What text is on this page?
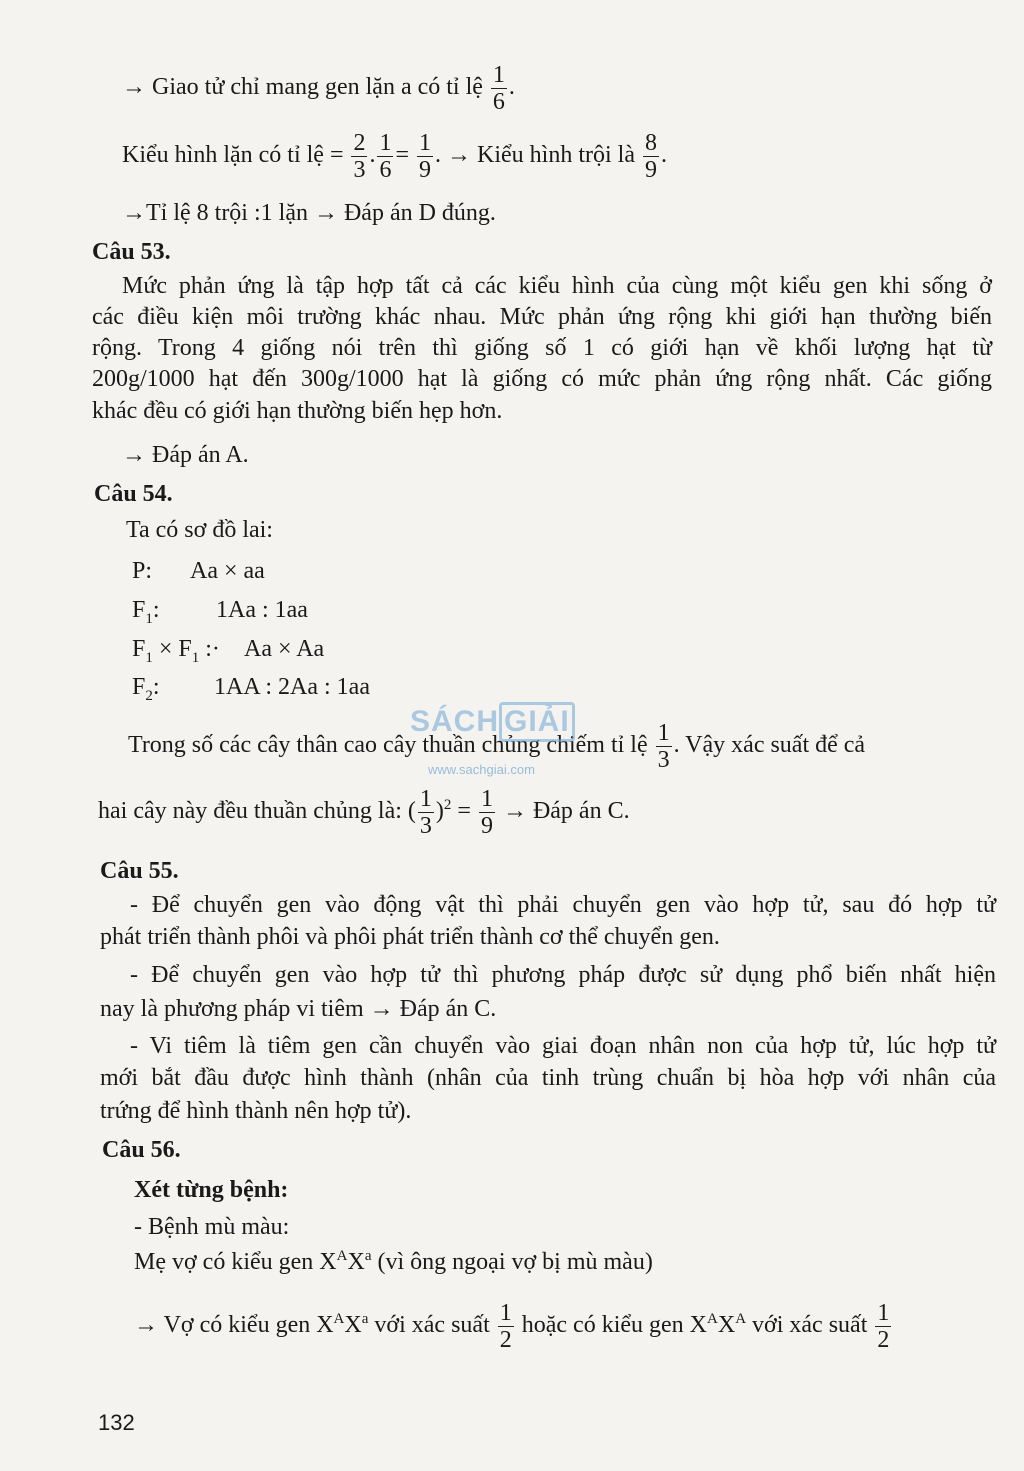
→ Giao tử chỉ mang gen lặn a có tỉ lệ $\frac{1}{6}$ .
Kiểu hình lặn có tỉ lệ = $\frac{2}{3}$ . $\frac{1}{6} = \frac{1}{9}$ . → Kiểu hình trội là $\frac{8}{9}$ .
→Tỉ lệ 8 trội :1 lặn → Đáp án D đúng.
Câu 53.
Mức phản ứng là tập hợp tất cả các kiểu hình của cùng một kiểu gen khi sống ở
các điều kiện môi trường khác nhau. Mức phản ứng rộng khi giới hạn thường biến
rộng. Trong 4 giống nói trên thì giống số 1 có giới hạn về khối lượng hạt từ
200g/1000 hạt đến 300g/1000 hạt là giống có mức phản ứng rộng nhất. Các giống
khác đều có giới hạn thường biến hẹp hơn.
→ Đáp án A.
Câu 54.
Ta có sơ đồ lai:
P: Aa × aa
$F_1$: 1Aa : 1aa
$F_1 \times F_1$ :· Aa × Aa
$F_2$: 1AA : 2Aa : 1aa
Trong số các cây thân cao cây thuần chủng chiếm tỉ lệ $\frac{1}{3}$ . Vậy xác suất để cả
hai cây này đều thuần chủng là: ( $\frac{1}{3} )^2 = \frac{1}{9}$ → Đáp án C.
SÁCH GIẢI
www.sachgiai.com
Câu 55.
- Để chuyển gen vào động vật thì phải chuyển gen vào hợp tử, sau đó hợp tử
phát triển thành phôi và phôi phát triển thành cơ thể chuyển gen.
- Để chuyển gen vào hợp tử thì phương pháp được sử dụng phổ biến nhất hiện
nay là phương pháp vi tiêm → Đáp án C.
- Vi tiêm là tiêm gen cần chuyển vào giai đoạn nhân non của hợp tử, lúc hợp tử
mới bắt đầu được hình thành (nhân của tinh trùng chuẩn bị hòa hợp với nhân của
trứng để hình thành nên hợp tử).
Câu 56.
Xét từng bệnh:
- Bệnh mù màu:
Mẹ vợ có kiểu gen $X^AX^a$ (vì ông ngoại vợ bị mù màu)
→ Vợ có kiểu gen $X^AX^a$ với xác suất $\frac{1}{2}$ hoặc có kiểu gen $X^AX^A$ với xác suất $\frac{1}{2}$
132
